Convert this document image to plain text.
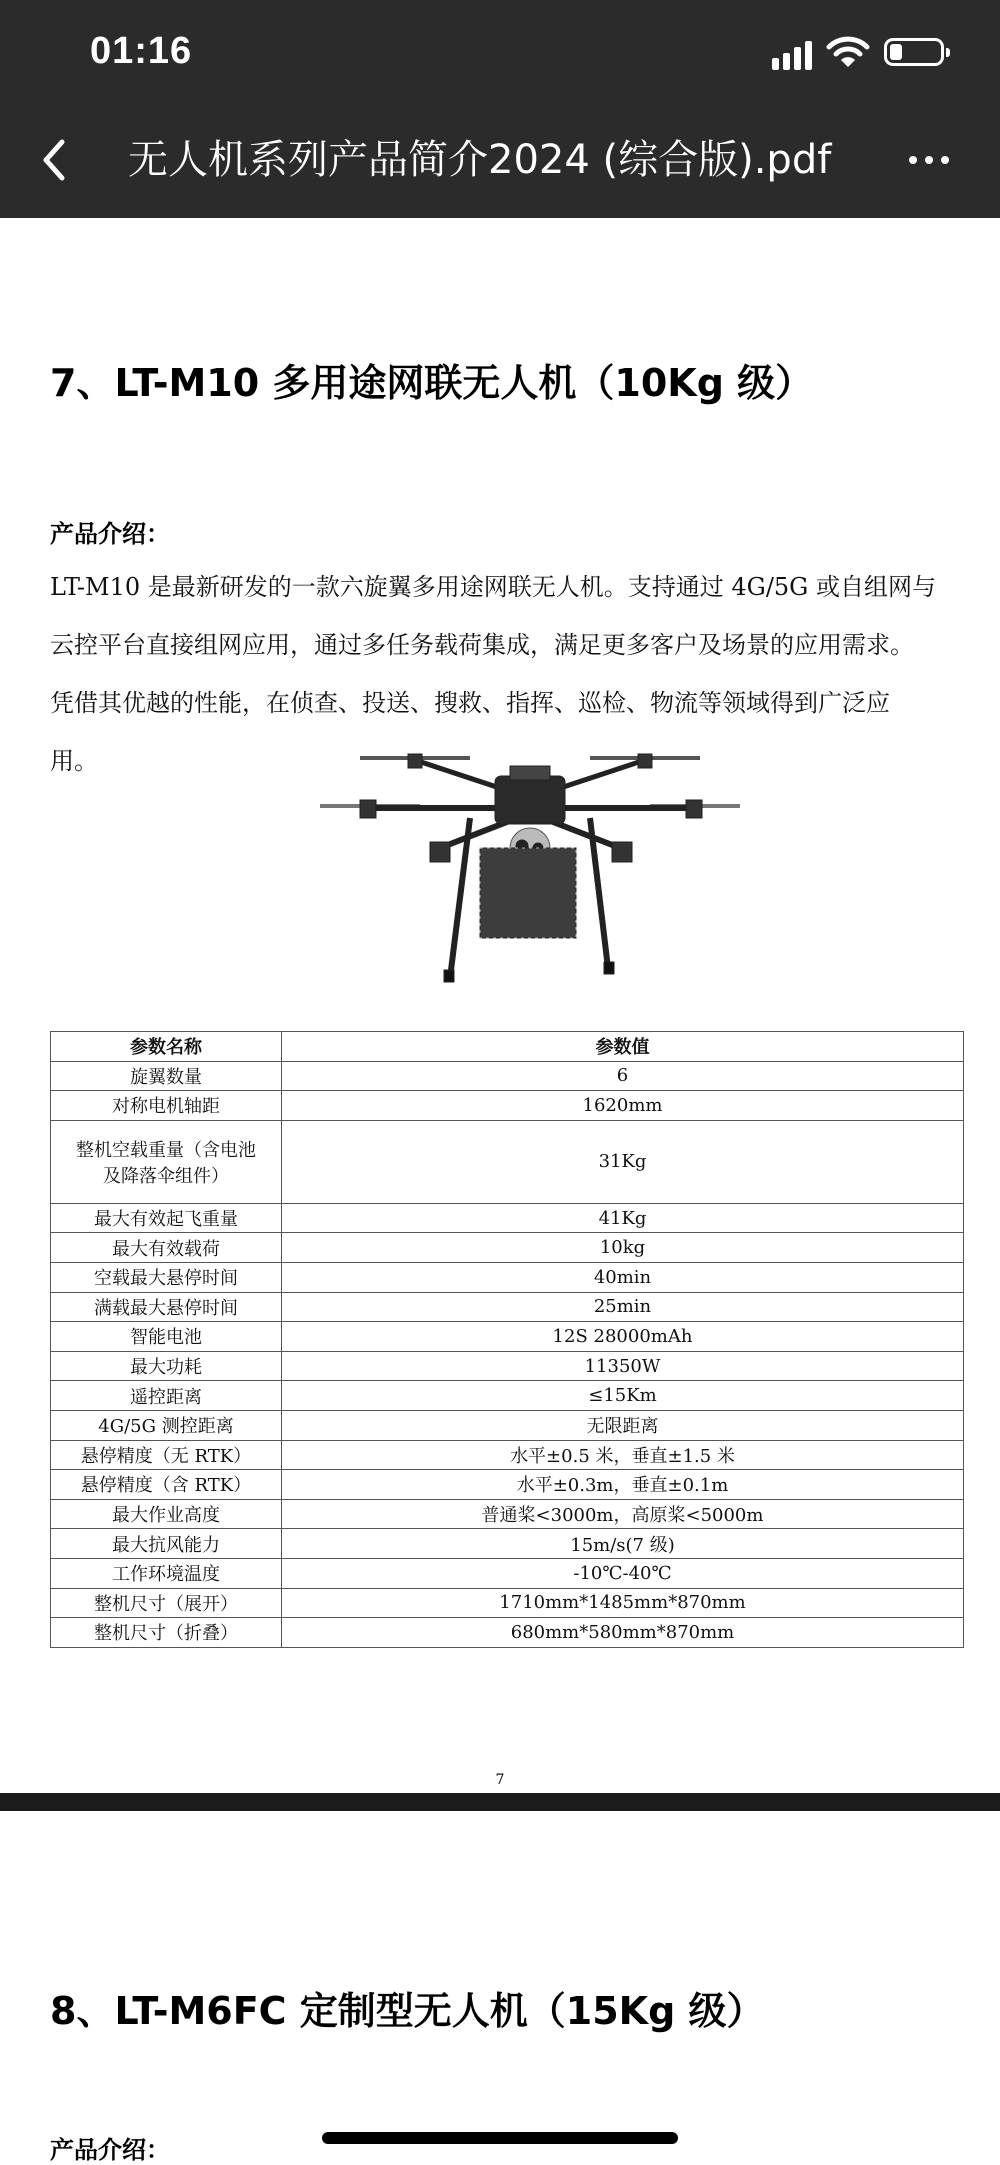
01:16
无人机系列产品简介2024 (综合版).pdf
7、LT-M10 多用途网联无人机（10Kg 级）
产品介绍：
LT-M10 是最新研发的一款六旋翼多用途网联无人机。支持通过 4G/5G 或自组网与
云控平台直接组网应用，通过多任务载荷集成，满足更多客户及场景的应用需求。
凭借其优越的性能，在侦查、投送、搜救、指挥、巡检、物流等领域得到广泛应
用。
参数名称	参数值
旋翼数量	6
对称电机轴距	1620mm
整机空载重量（含电池及降落伞组件）	31Kg
最大有效起飞重量	41Kg
最大有效载荷	10kg
空载最大悬停时间	40min
满载最大悬停时间	25min
智能电池	12S 28000mAh
最大功耗	11350W
遥控距离	≤15Km
4G/5G 测控距离	无限距离
悬停精度（无 RTK）	水平±0.5 米，垂直±1.5 米
悬停精度（含 RTK）	水平±0.3m，垂直±0.1m
最大作业高度	普通桨<3000m，高原桨<5000m
最大抗风能力	15m/s(7 级)
工作环境温度	-10℃-40℃
整机尺寸（展开）	1710mm*1485mm*870mm
整机尺寸（折叠）	680mm*580mm*870mm
7
8、LT-M6FC 定制型无人机（15Kg 级）
产品介绍：
